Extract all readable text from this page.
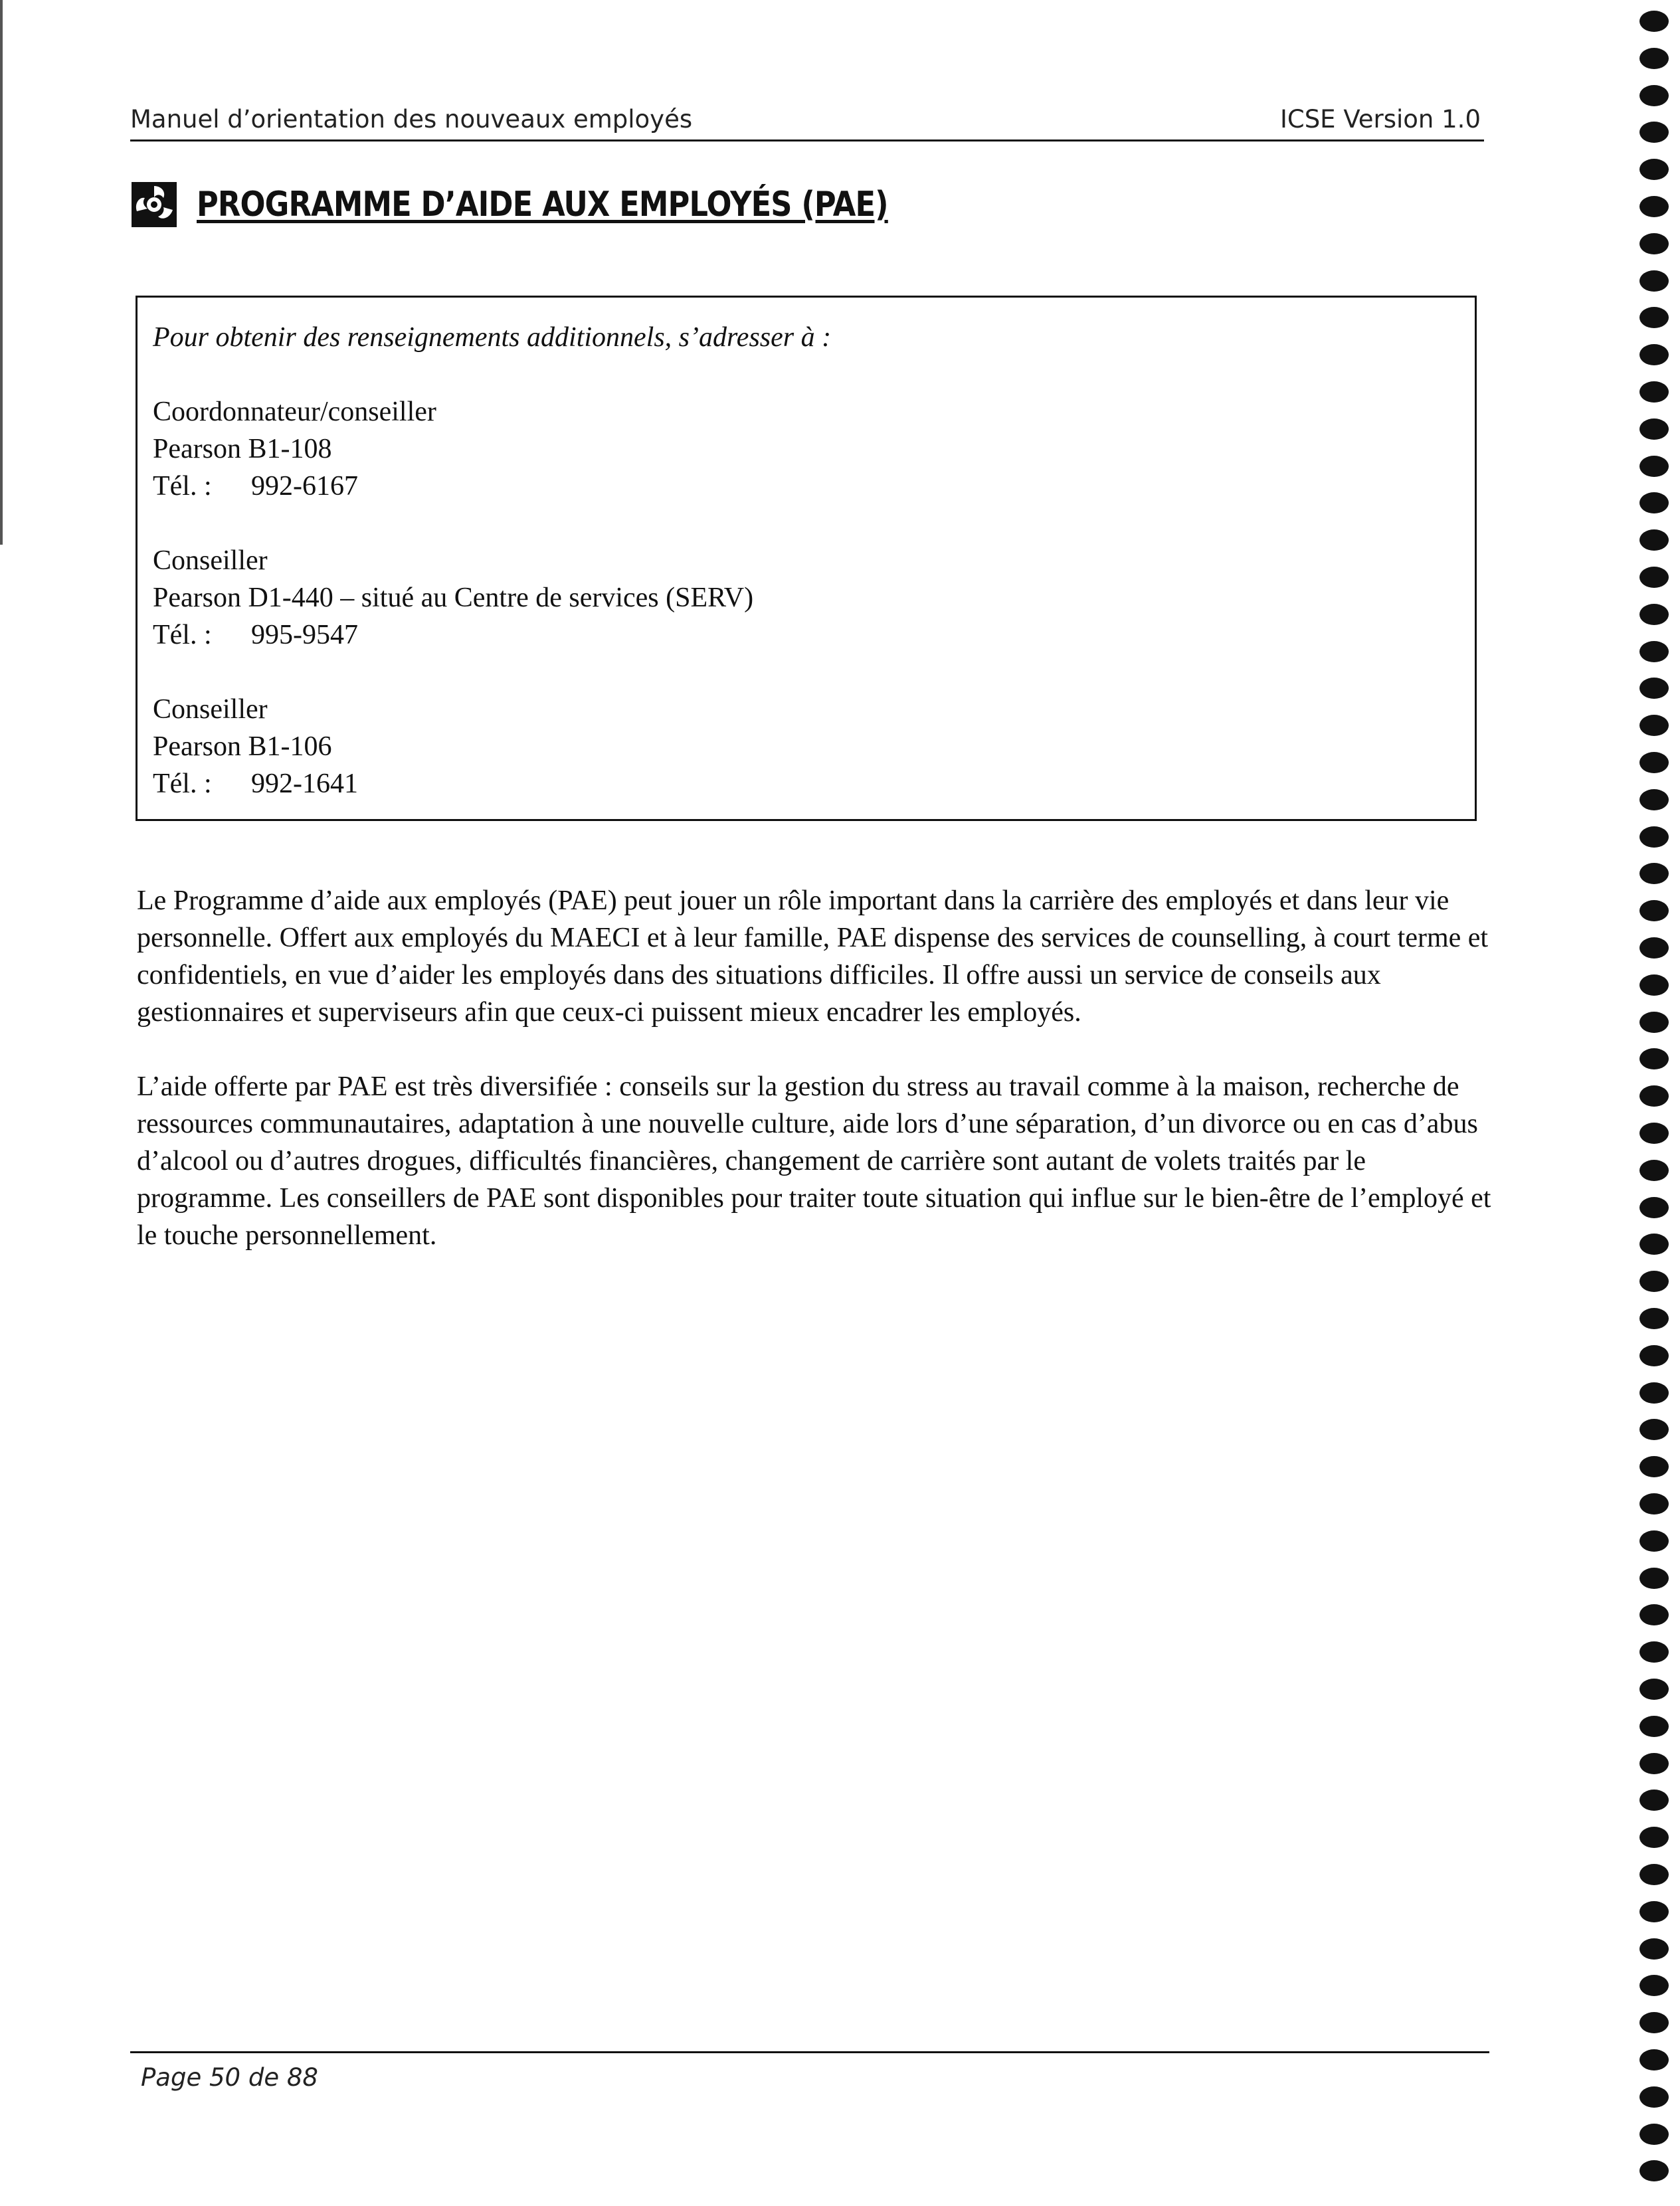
Manuel d’orientation des nouveaux employés	ICSE Version 1.0
PROGRAMME D’AIDE AUX EMPLOYÉS (PAE)
Pour obtenir des renseignements additionnels, s’adresser à :
Coordonnateur/conseiller
Pearson B1-108
Tél. : 992-6167
Conseiller
Pearson D1-440 – situé au Centre de services (SERV)
Tél. : 995-9547
Conseiller
Pearson B1-106
Tél. : 992-1641

Le Programme d’aide aux employés (PAE) peut jouer un rôle important dans la carrière des employés et dans leur vie personnelle. Offert aux employés du MAECI et à leur famille, PAE dispense des services de counselling, à court terme et confidentiels, en vue d’aider les employés dans des situations difficiles. Il offre aussi un service de conseils aux gestionnaires et superviseurs afin que ceux-ci puissent mieux encadrer les employés.

L’aide offerte par PAE est très diversifiée : conseils sur la gestion du stress au travail comme à la maison, recherche de ressources communautaires, adaptation à une nouvelle culture, aide lors d’une séparation, d’un divorce ou en cas d’abus d’alcool ou d’autres drogues, difficultés financières, changement de carrière sont autant de volets traités par le programme. Les conseillers de PAE sont disponibles pour traiter toute situation qui influe sur le bien-être de l’employé et le touche personnellement.

Page 50 de 88
